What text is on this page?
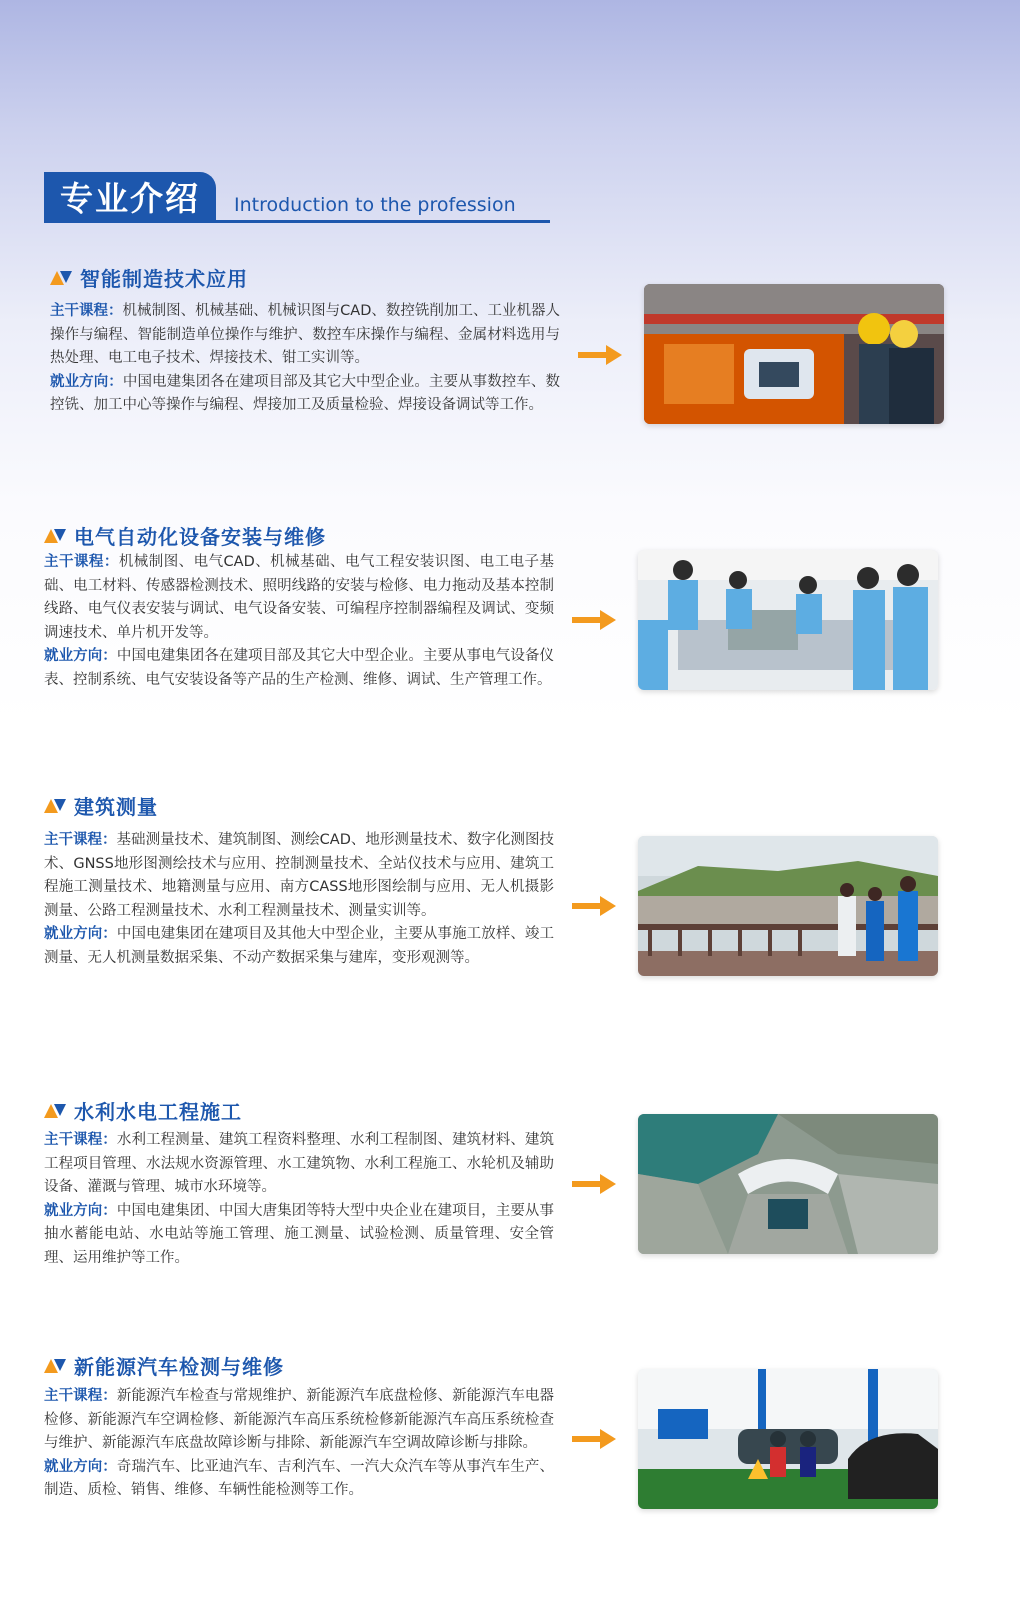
专业介绍	Introduction to the profession
智能制造技术应用
主干课程：机械制图、机械基础、机械识图与CAD、数控铣削加工、工业机器人操作与编程、智能制造单位操作与维护、数控车床操作与编程、金属材料选用与热处理、电工电子技术、焊接技术、钳工实训等。
就业方向：中国电建集团各在建项目部及其它大中型企业。主要从事数控车、数控铣、加工中心等操作与编程、焊接加工及质量检验、焊接设备调试等工作。
电气自动化设备安装与维修
主干课程：机械制图、电气CAD、机械基础、电气工程安装识图、电工电子基础、电工材料、传感器检测技术、照明线路的安装与检修、电力拖动及基本控制线路、电气仪表安装与调试、电气设备安装、可编程序控制器编程及调试、变频调速技术、单片机开发等。
就业方向：中国电建集团各在建项目部及其它大中型企业。主要从事电气设备仪表、控制系统、电气安装设备等产品的生产检测、维修、调试、生产管理工作。
建筑测量
主干课程：基础测量技术、建筑制图、测绘CAD、地形测量技术、数字化测图技术、GNSS地形图测绘技术与应用、控制测量技术、全站仪技术与应用、建筑工程施工测量技术、地籍测量与应用、南方CASS地形图绘制与应用、无人机摄影测量、公路工程测量技术、水利工程测量技术、测量实训等。
就业方向：中国电建集团在建项目及其他大中型企业，主要从事施工放样、竣工测量、无人机测量数据采集、不动产数据采集与建库，变形观测等。
水利水电工程施工
主干课程：水利工程测量、建筑工程资料整理、水利工程制图、建筑材料、建筑工程项目管理、水法规水资源管理、水工建筑物、水利工程施工、水轮机及辅助设备、灌溉与管理、城市水环境等。
就业方向：中国电建集团、中国大唐集团等特大型中央企业在建项目，主要从事抽水蓄能电站、水电站等施工管理、施工测量、试验检测、质量管理、安全管理、运用维护等工作。
新能源汽车检测与维修
主干课程：新能源汽车检查与常规维护、新能源汽车底盘检修、新能源汽车电器检修、新能源汽车空调检修、新能源汽车高压系统检修新能源汽车高压系统检查与维护、新能源汽车底盘故障诊断与排除、新能源汽车空调故障诊断与排除。
就业方向：奇瑞汽车、比亚迪汽车、吉利汽车、一汽大众汽车等从事汽车生产、制造、质检、销售、维修、车辆性能检测等工作。
